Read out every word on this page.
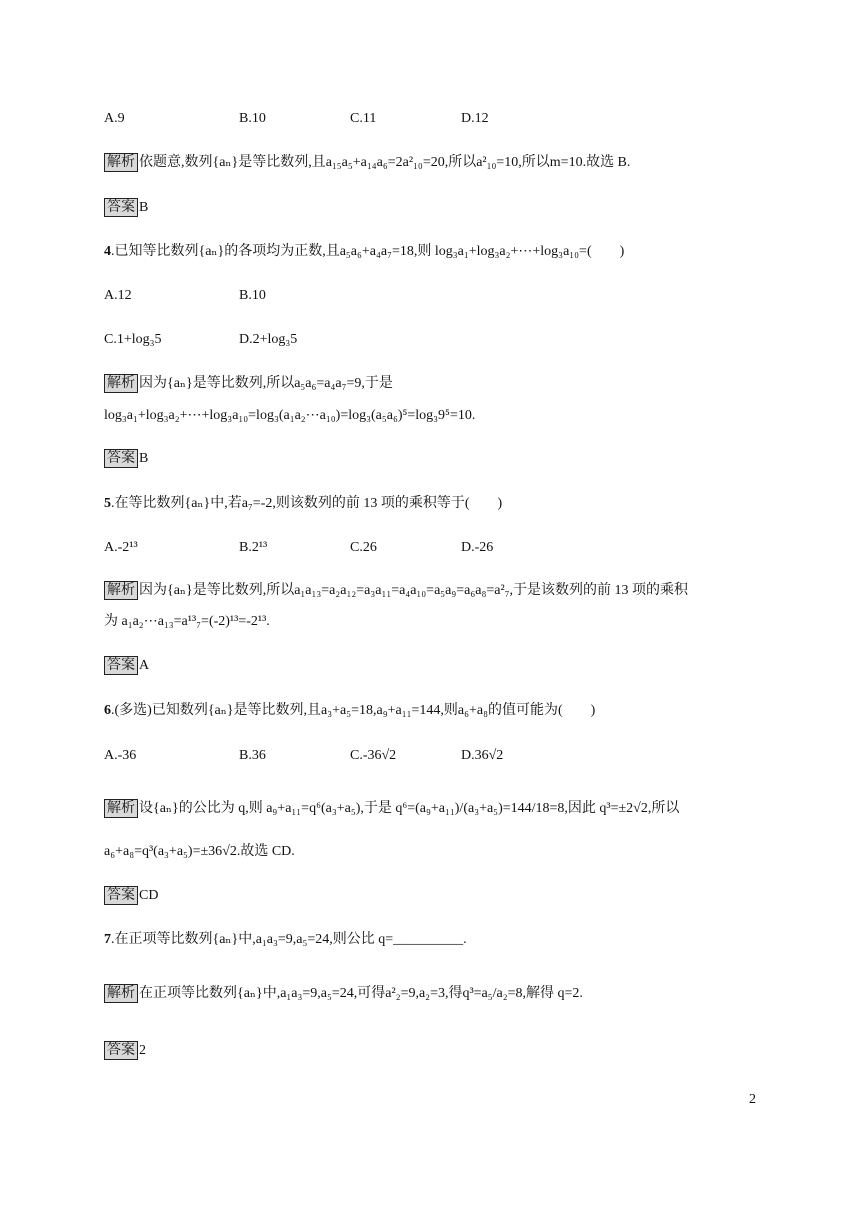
A.9	B.10	C.11	D.12
解析 依题意,数列{aₙ}是等比数列,且a₁₅a₅+a₁₄a₆=2a²₁₀=20,所以a²₁₀=10,所以m=10.故选 B.
答案 B
4.已知等比数列{aₙ}的各项均为正数,且a₅a₆+a₄a₇=18,则 log₃a₁+log₃a₂+⋯+log₃a₁₀=(　　)
A.12	B.10
C.1+log₃5	D.2+log₃5
解析 因为{aₙ}是等比数列,所以a₅a₆=a₄a₇=9,于是
log₃a₁+log₃a₂+⋯+log₃a₁₀=log₃(a₁a₂⋯a₁₀)=log₃(a₅a₆)⁵=log₃9⁵=10.
答案 B
5.在等比数列{aₙ}中,若a₇=-2,则该数列的前 13 项的乘积等于(　　)
A.-2¹³	B.2¹³	C.26	D.-26
解析 因为{aₙ}是等比数列,所以a₁a₁₃=a₂a₁₂=a₃a₁₁=a₄a₁₀=a₅a₉=a₆a₈=a²₇,于是该数列的前 13 项的乘积
为 a₁a₂⋯a₁₃=a¹³₇=(-2)¹³=-2¹³.
答案 A
6.(多选)已知数列{aₙ}是等比数列,且a₃+a₅=18,a₉+a₁₁=144,则a₆+a₈的值可能为(　　)
A.-36	B.36	C.-36√2	D.36√2
解析 设{aₙ}的公比为 q,则 a₉+a₁₁=q⁶(a₃+a₅),于是 q⁶=(a₉+a₁₁)/(a₃+a₅)=144/18=8,因此 q³=±2√2,所以
a₆+a₈=q³(a₃+a₅)=±36√2.故选 CD.
答案 CD
7.在正项等比数列{aₙ}中,a₁a₃=9,a₅=24,则公比 q=__________.
解析 在正项等比数列{aₙ}中,a₁a₃=9,a₅=24,可得a²₂=9,a₂=3,得q³=a₅/a₂=8,解得 q=2.
答案 2
2
